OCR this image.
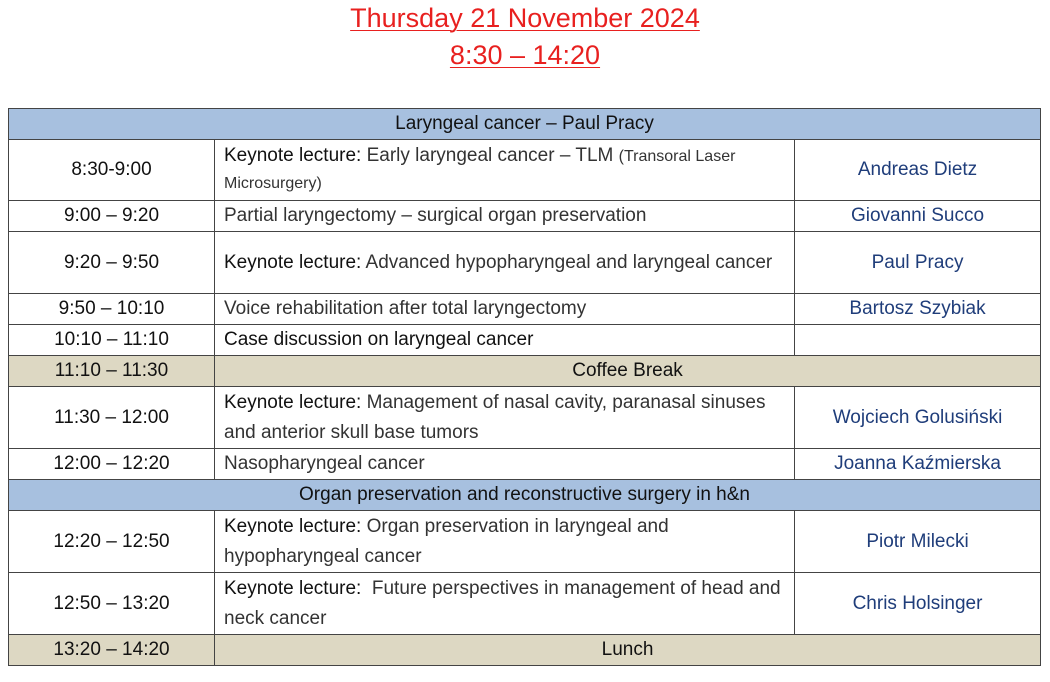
Thursday 21 November 2024
8:30 – 14:20
Laryngeal cancer – Paul Pracy		
8:30-9:00	Keynote lecture: Early laryngeal cancer – TLM (Transoral Laser Microsurgery)	Andreas Dietz
9:00 – 9:20	Partial laryngectomy – surgical organ preservation	Giovanni Succo
9:20 – 9:50	Keynote lecture: Advanced hypopharyngeal and laryngeal cancer	Paul Pracy
9:50 – 10:10	Voice rehabilitation after total laryngectomy	Bartosz Szybiak
10:10 – 11:10	Case discussion on laryngeal cancer	
11:10 – 11:30	Coffee Break	
11:30 – 12:00	Keynote lecture: Management of nasal cavity, paranasal sinuses and anterior skull base tumors	Wojciech Golusiński
12:00 – 12:20	Nasopharyngeal cancer	Joanna Kaźmierska
Organ preservation and reconstructive surgery in h&n		
12:20 – 12:50	Keynote lecture: Organ preservation in laryngeal and hypopharyngeal cancer	Piotr Milecki
12:50 – 13:20	Keynote lecture:  Future perspectives in management of head and neck cancer	Chris Holsinger
13:20 – 14:20	Lunch	
